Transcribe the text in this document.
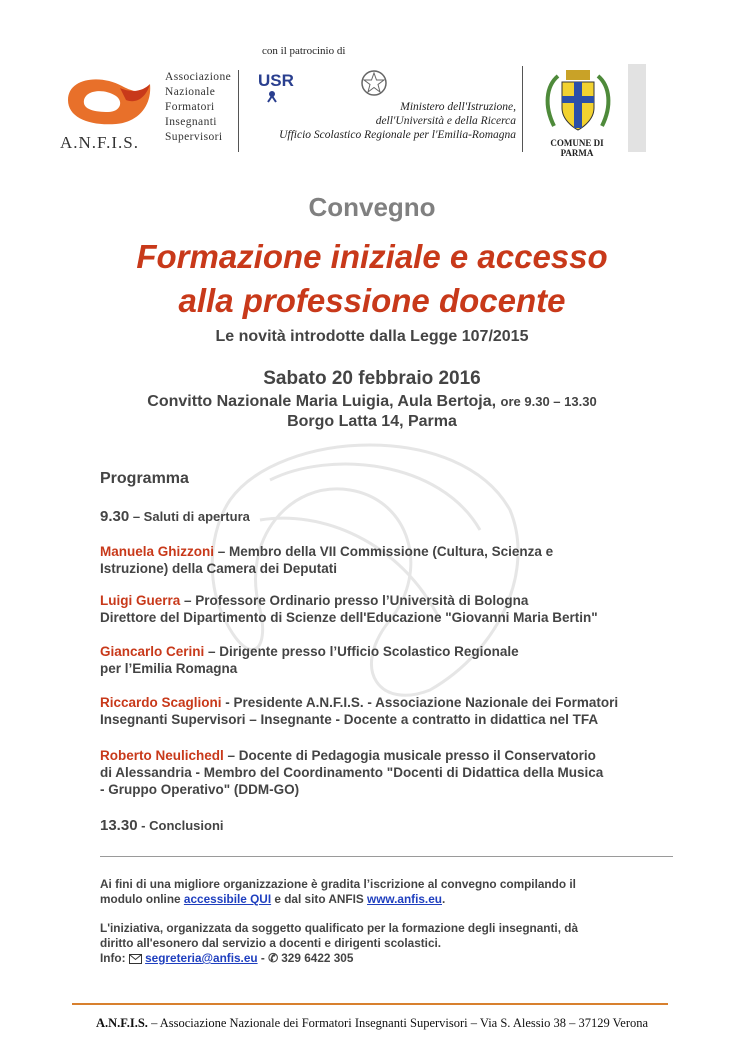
con il patrocinio di
A.N.F.I.S.
Associazione
Nazionale
Formatori
Insegnanti
Supervisori
USR
Ministero dell'Istruzione,
dell'Università e della Ricerca
Ufficio Scolastico Regionale per l'Emilia-Romagna
COMUNE DI PARMA
Convegno
Formazione iniziale e accesso
alla professione docente
Le novità introdotte dalla Legge 107/2015
Sabato 20 febbraio 2016
Convitto Nazionale Maria Luigia, Aula Bertoja, ore 9.30 – 13.30
Borgo Latta 14, Parma
Programma
9.30 – Saluti di apertura
Manuela Ghizzoni – Membro della VII Commissione (Cultura, Scienza e
Istruzione) della Camera dei Deputati
Luigi Guerra – Professore Ordinario presso l’Università di Bologna
Direttore del Dipartimento di Scienze dell'Educazione "Giovanni Maria Bertin"
Giancarlo Cerini – Dirigente presso l’Ufficio Scolastico Regionale
per l’Emilia Romagna
Riccardo Scaglioni - Presidente A.N.F.I.S. - Associazione Nazionale dei Formatori
Insegnanti Supervisori – Insegnante - Docente a contratto in didattica nel TFA
Roberto Neulichedl – Docente di Pedagogia musicale presso il Conservatorio
di Alessandria - Membro del Coordinamento "Docenti di Didattica della Musica
- Gruppo Operativo" (DDM-GO)
13.30 - Conclusioni
Ai fini di una migliore organizzazione è gradita l’iscrizione al convegno compilando il
modulo online accessibile QUI e dal sito ANFIS www.anfis.eu.
L'iniziativa, organizzata da soggetto qualificato per la formazione degli insegnanti, dà
diritto all'esonero dal servizio a docenti e dirigenti scolastici.
Info:  segreteria@anfis.eu - ✆ 329 6422 305
A.N.F.I.S. – Associazione Nazionale dei Formatori Insegnanti Supervisori – Via S. Alessio 38 – 37129 Verona
